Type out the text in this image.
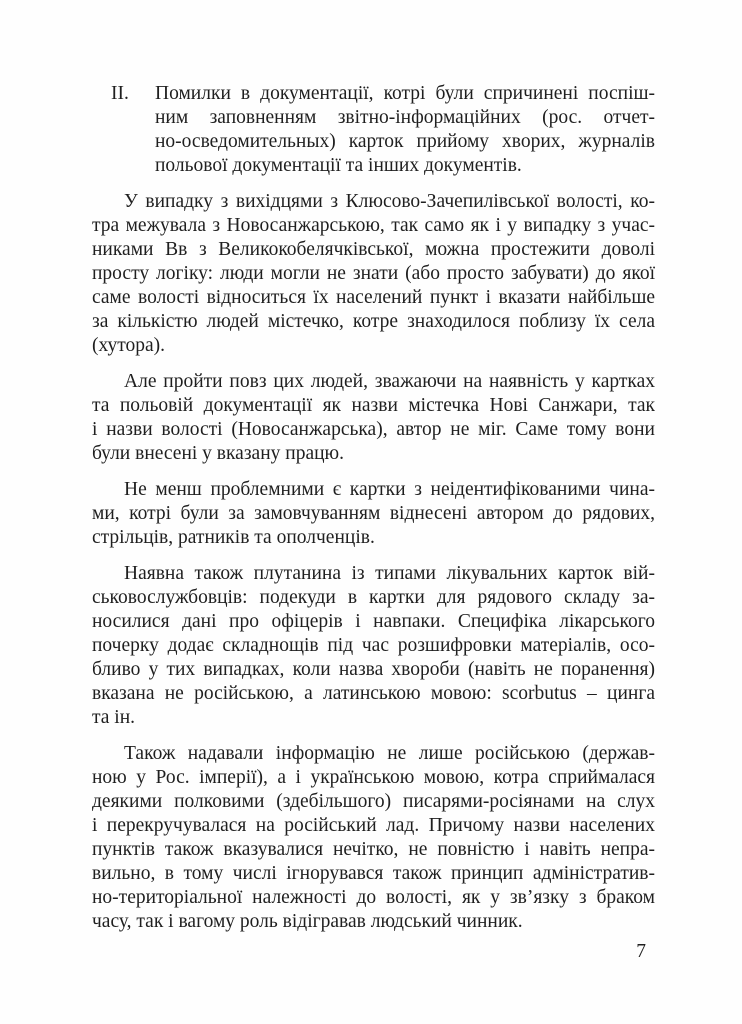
II.	Помилки в документації, котрі були спричинені поспіш-
ним заповненням звітно-інформаційних (рос. отчет-
но-осведомительных) карток прийому хворих, журналів
польової документації та інших документів.
У випадку з вихідцями з Клюсово-Зачепилівської волості, ко-
тра межувала з Новосанжарською, так само як і у випадку з учас-
никами Вв з Великокобелячківської, можна простежити доволі
просту логіку: люди могли не знати (або просто забувати) до якої
саме волості відноситься їх населений пункт і вказати найбільше
за кількістю людей містечко, котре знаходилося поблизу їх села
(хутора).
Але пройти повз цих людей, зважаючи на наявність у картках
та польовій документації як назви містечка Нові Санжари, так
і назви волості (Новосанжарська), автор не міг. Саме тому вони
були внесені у вказану працю.
Не менш проблемними є картки з неідентифікованими чина-
ми, котрі були за замовчуванням віднесені автором до рядових,
стрільців, ратників та ополченців.
Наявна також плутанина із типами лікувальних карток вій-
ськовослужбовців: подекуди в картки для рядового складу за-
носилися дані про офіцерів і навпаки. Специфіка лікарського
почерку додає складнощів під час розшифровки матеріалів, осо-
бливо у тих випадках, коли назва хвороби (навіть не поранення)
вказана не російською, а латинською мовою: scorbutus – цинга
та ін.
Також надавали інформацію не лише російською (держав-
ною у Рос. імперії), а і українською мовою, котра сприймалася
деякими полковими (здебільшого) писарями-росіянами на слух
і перекручувалася на російський лад. Причому назви населених
пунктів також вказувалися нечітко, не повністю і навіть непра-
вильно, в тому числі ігнорувався також принцип адміністратив-
но-територіальної належності до волості, як у зв’язку з браком
часу, так і вагому роль відігравав людський чинник.
7
